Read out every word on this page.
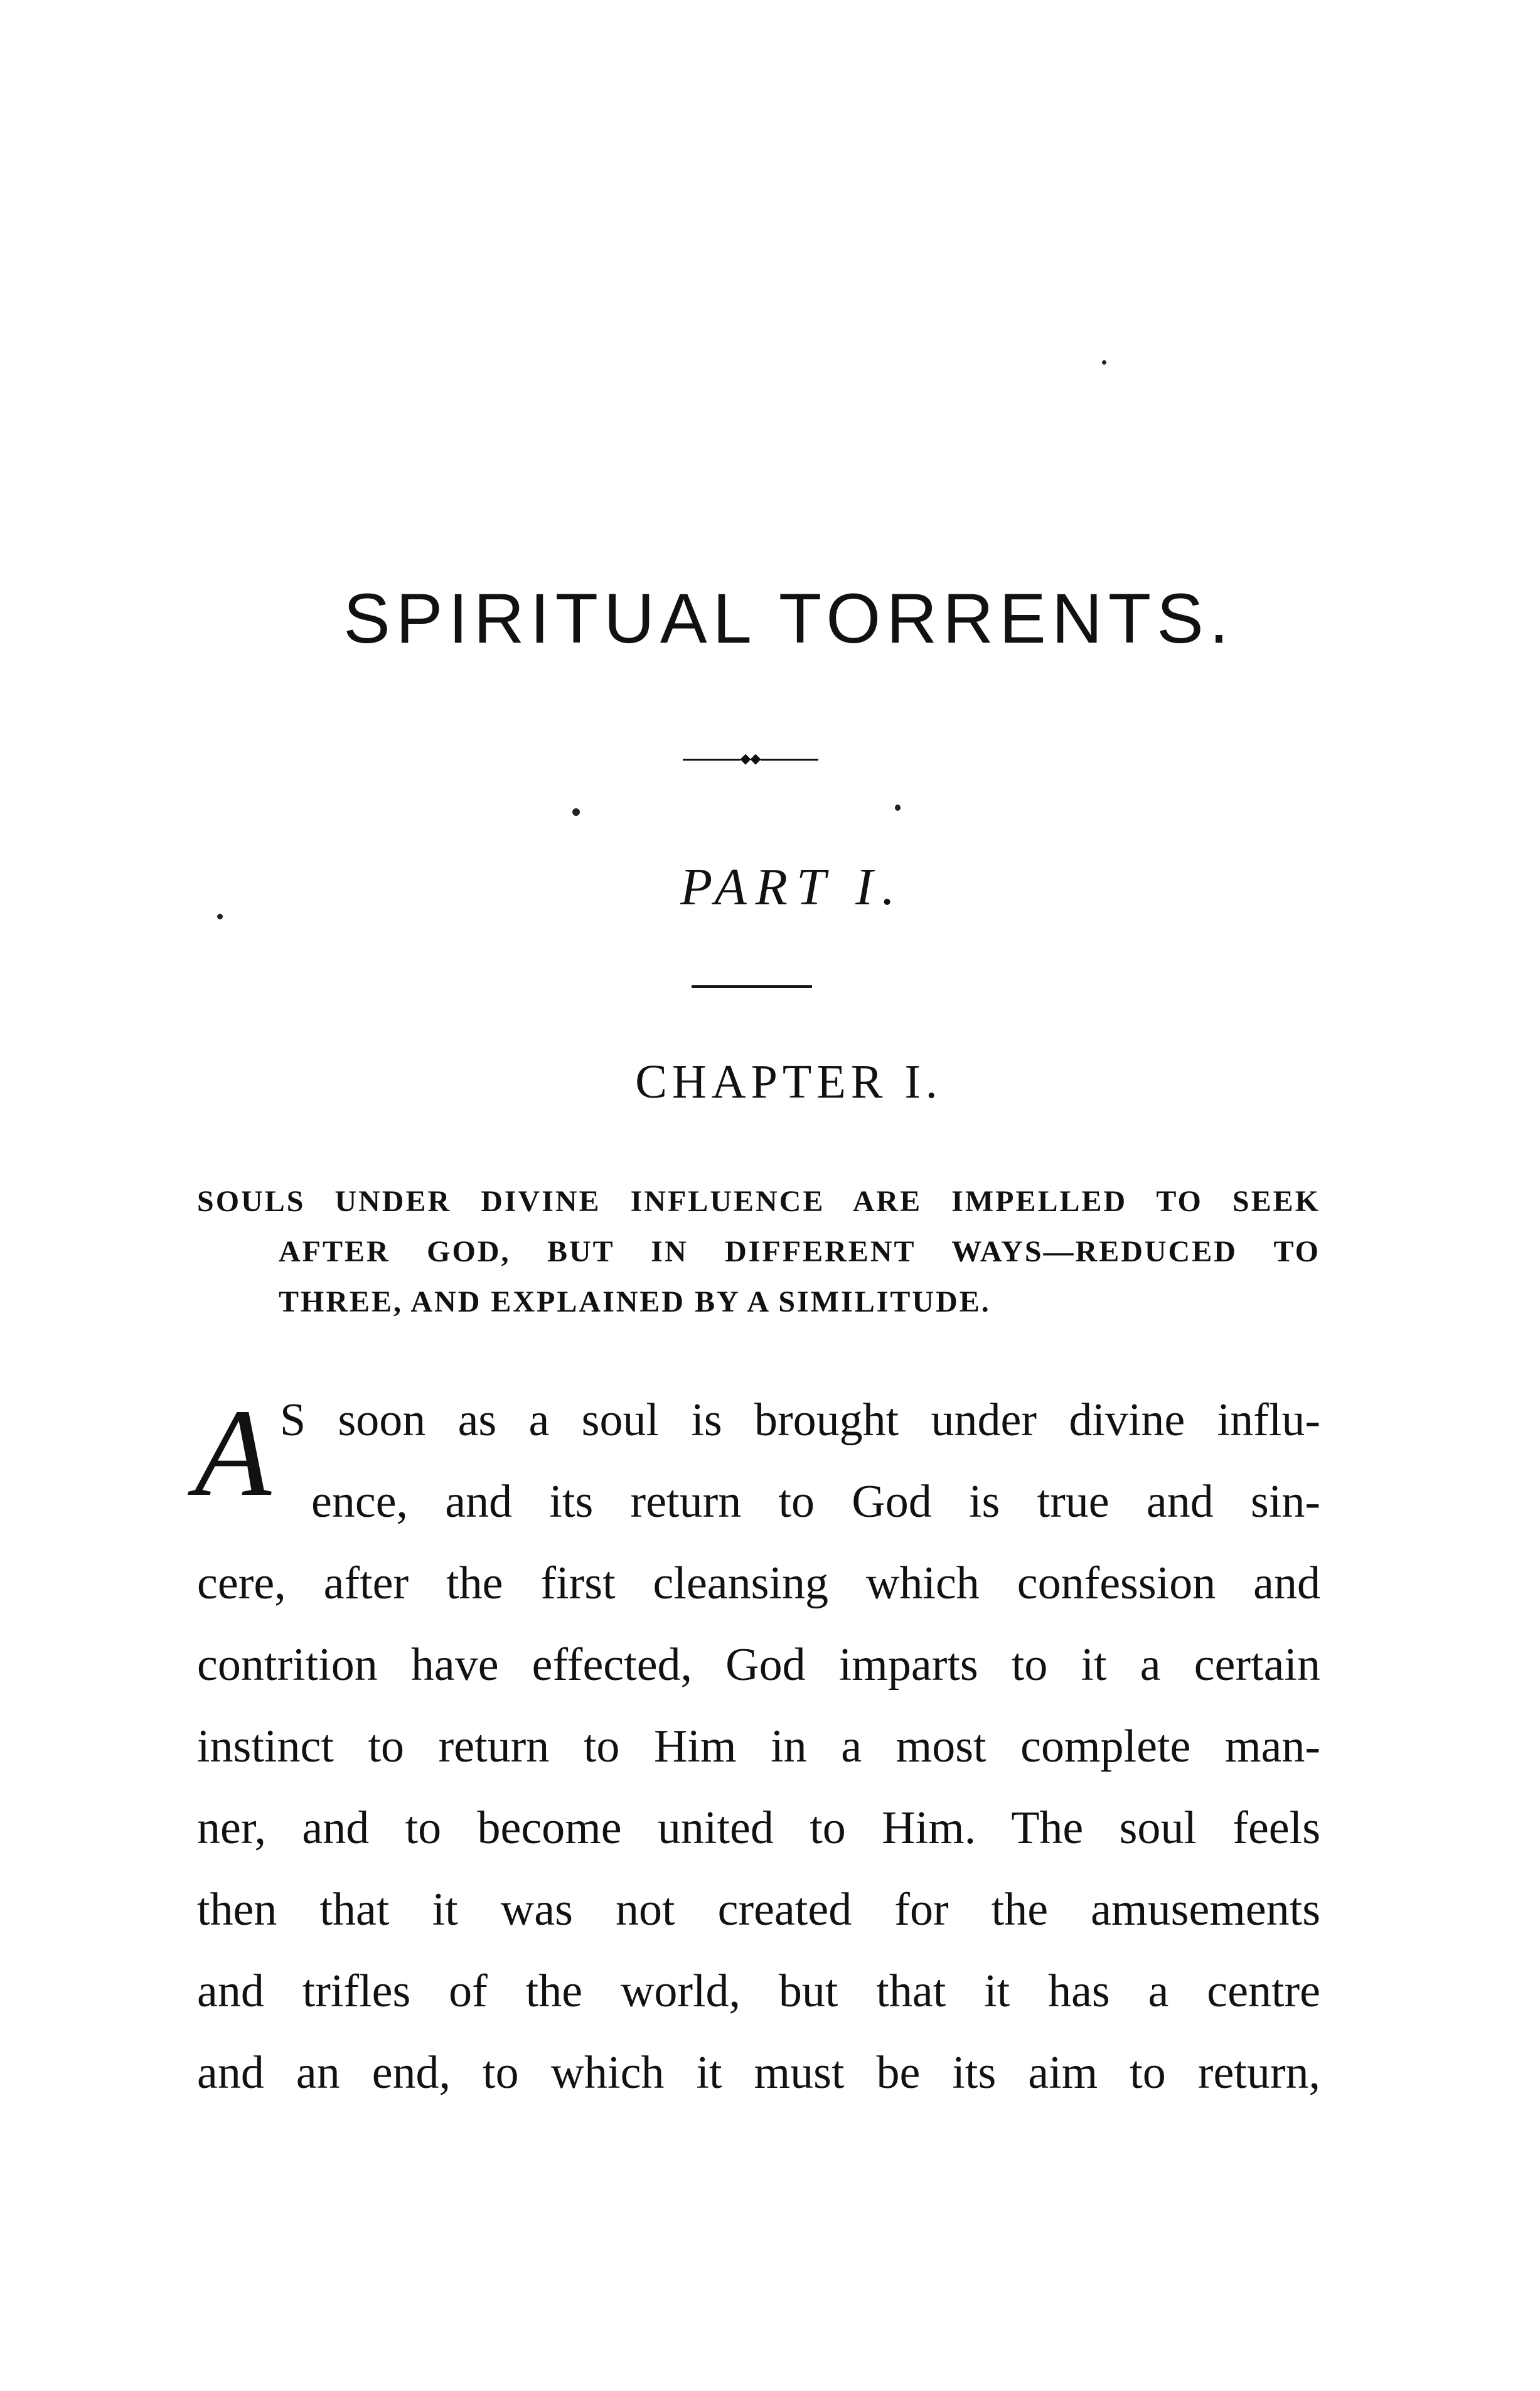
SPIRITUAL TORRENTS.
PART I.
CHAPTER I.
SOULS UNDER DIVINE INFLUENCE ARE IMPELLED TO SEEK
AFTER GOD, BUT IN DIFFERENT WAYS—REDUCED TO
THREE, AND EXPLAINED BY A SIMILITUDE.
A S soon as a soul is brought under divine influ-
ence, and its return to God is true and sin-
cere, after the first cleansing which confession and
contrition have effected, God imparts to it a certain
instinct to return to Him in a most complete man-
ner, and to become united to Him. The soul feels
then that it was not created for the amusements
and trifles of the world, but that it has a centre
and an end, to which it must be its aim to return,
